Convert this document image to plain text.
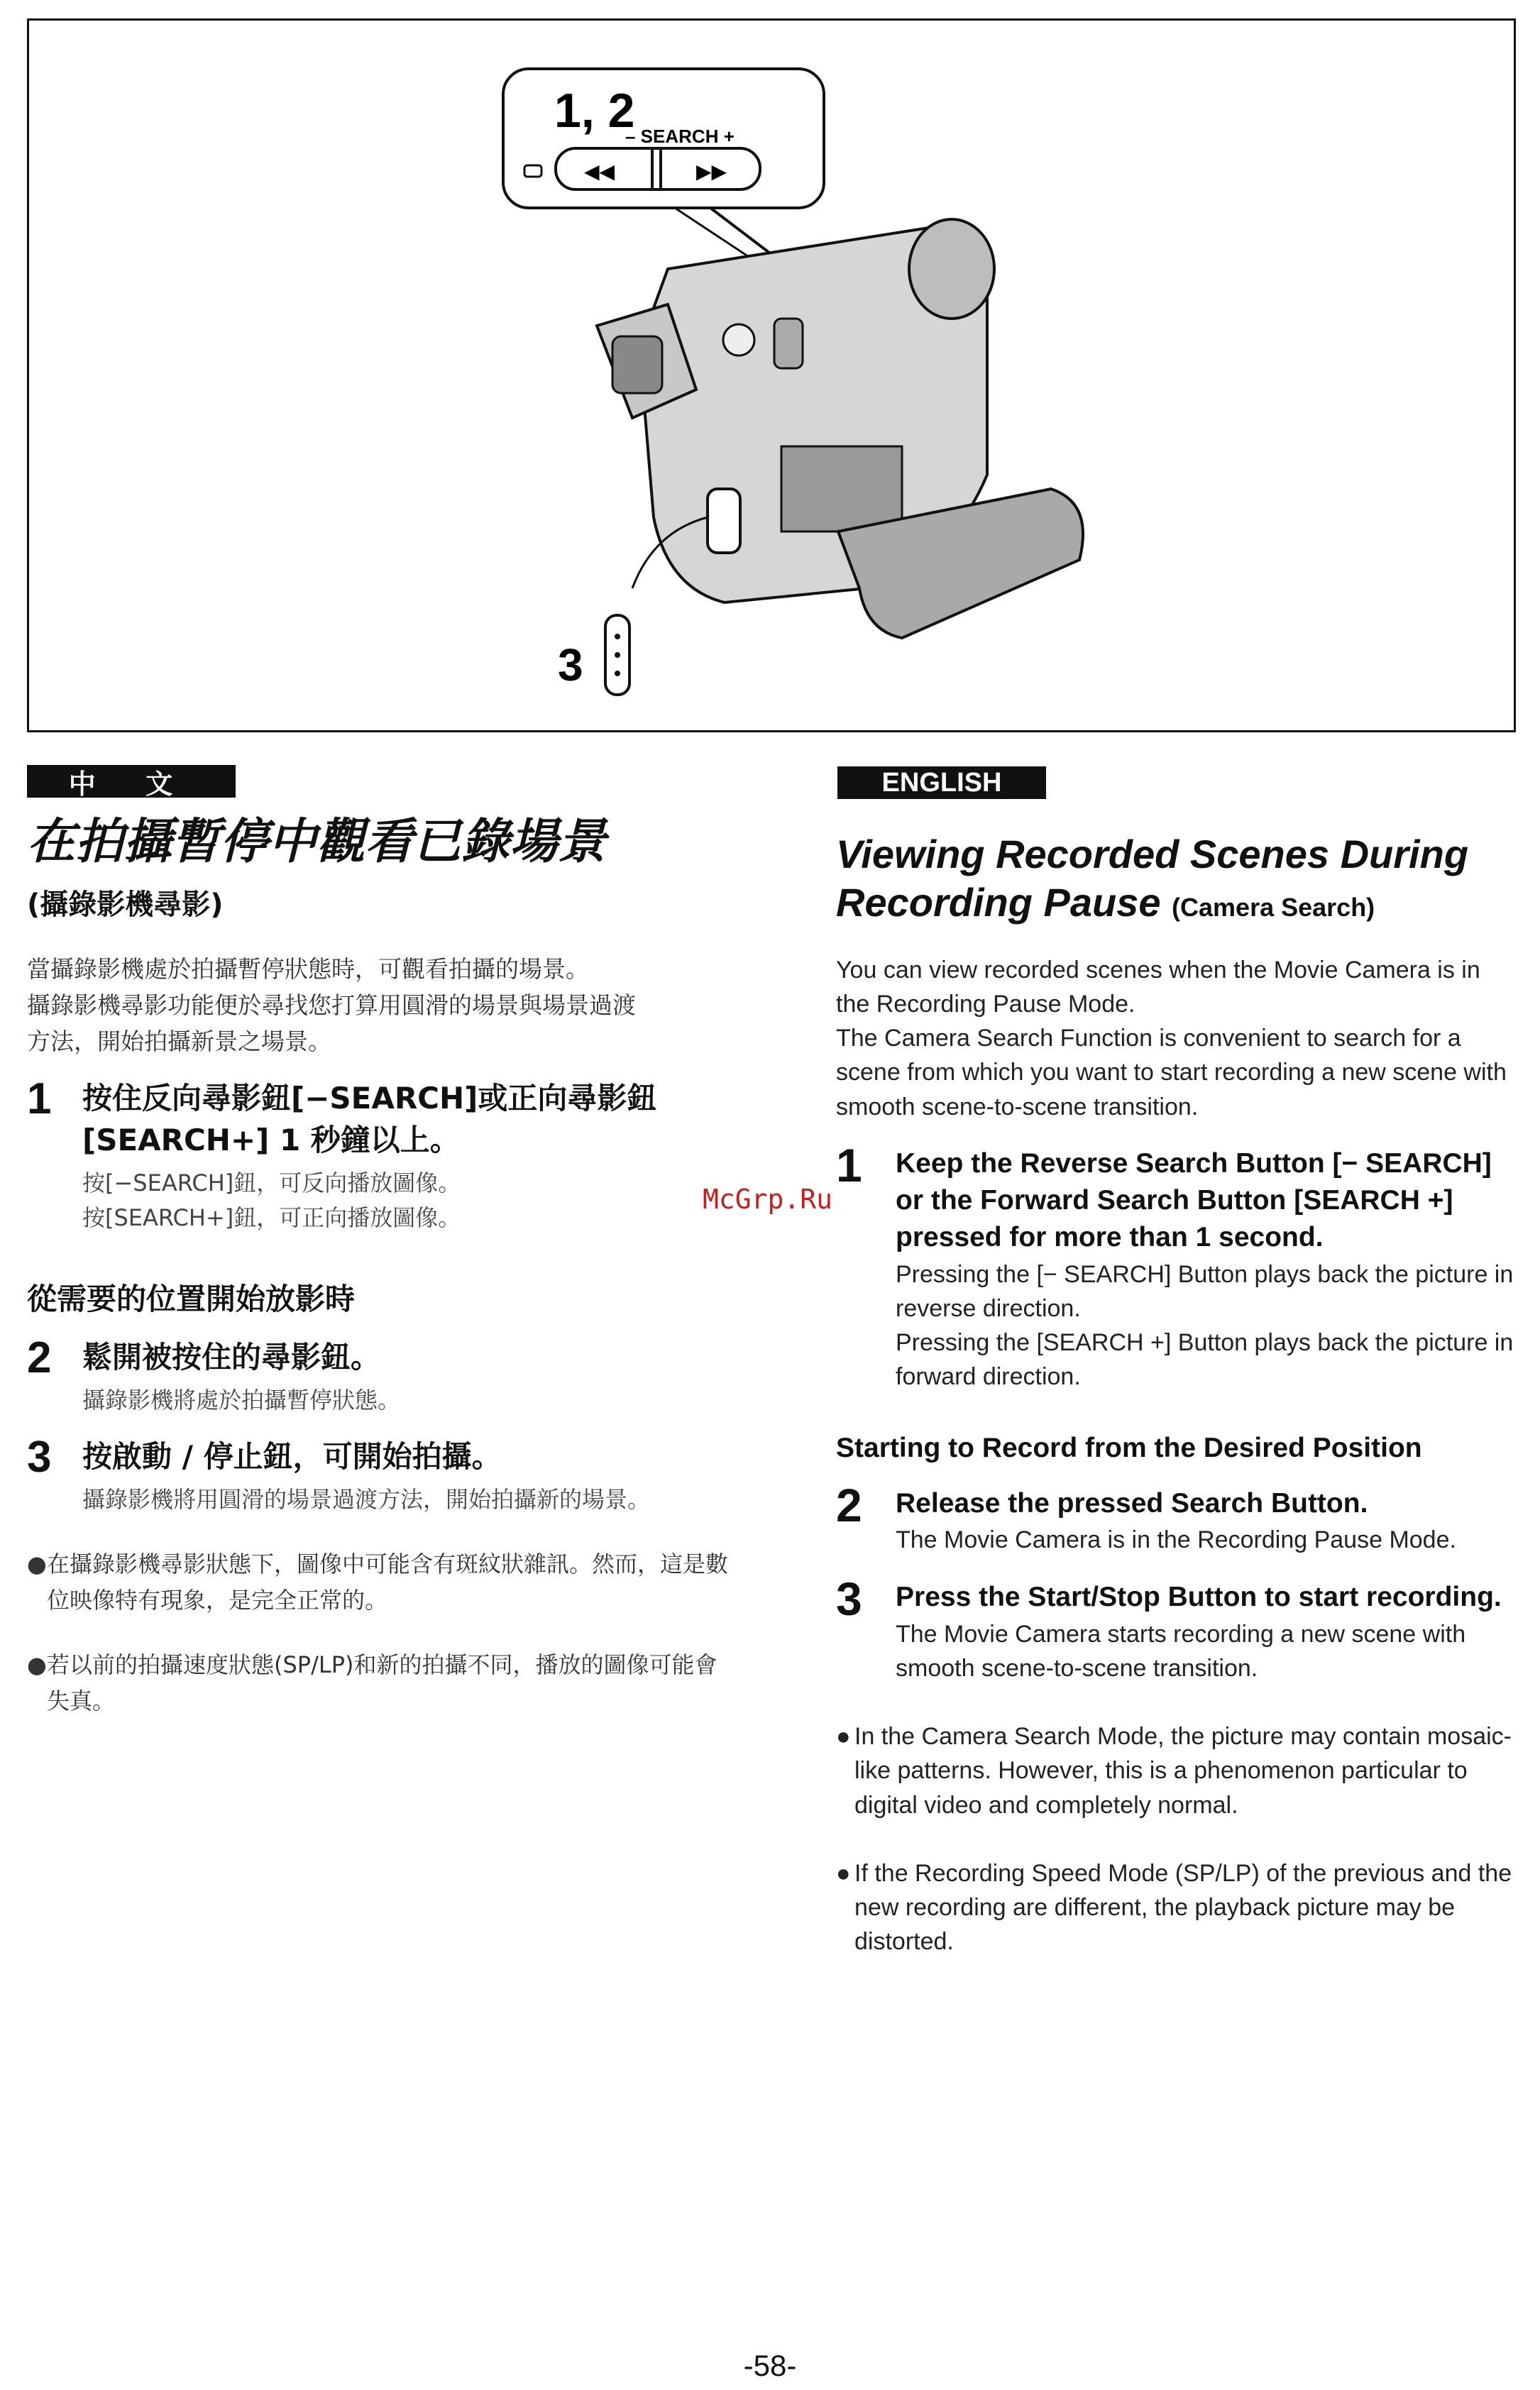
1, 2
– SEARCH +
◀◀	▶▶
3
中 文	ENGLISH
在拍攝暫停中觀看已錄場景
(攝錄影機尋影)
當攝錄影機處於拍攝暫停狀態時，可觀看拍攝的場景。
攝錄影機尋影功能便於尋找您打算用圓滑的場景與場景過渡
方法，開始拍攝新景之場景。
1 按住反向尋影鈕[−SEARCH]或正向尋影鈕[SEARCH+] 1 秒鐘以上。
按[−SEARCH]鈕，可反向播放圖像。
按[SEARCH+]鈕，可正向播放圖像。
從需要的位置開始放影時
2 鬆開被按住的尋影鈕。
攝錄影機將處於拍攝暫停狀態。
3 按啟動 / 停止鈕，可開始拍攝。
攝錄影機將用圓滑的場景過渡方法，開始拍攝新的場景。
● 在攝錄影機尋影狀態下，圖像中可能含有斑紋狀雜訊。然而，這是數位映像特有現象，是完全正常的。
● 若以前的拍攝速度狀態(SP/LP)和新的拍攝不同，播放的圖像可能會失真。
McGrp.Ru
Viewing Recorded Scenes During Recording Pause (Camera Search)
You can view recorded scenes when the Movie Camera is in the Recording Pause Mode.
The Camera Search Function is convenient to search for a scene from which you want to start recording a new scene with smooth scene-to-scene transition.
1 Keep the Reverse Search Button [− SEARCH] or the Forward Search Button [SEARCH +] pressed for more than 1 second.
Pressing the [− SEARCH] Button plays back the picture in reverse direction.
Pressing the [SEARCH +] Button plays back the picture in forward direction.
Starting to Record from the Desired Position
2 Release the pressed Search Button.
The Movie Camera is in the Recording Pause Mode.
3 Press the Start/Stop Button to start recording.
The Movie Camera starts recording a new scene with smooth scene-to-scene transition.
● In the Camera Search Mode, the picture may contain mosaic-like patterns. However, this is a phenomenon particular to digital video and completely normal.
● If the Recording Speed Mode (SP/LP) of the previous and the new recording are different, the playback picture may be distorted.
-58-
